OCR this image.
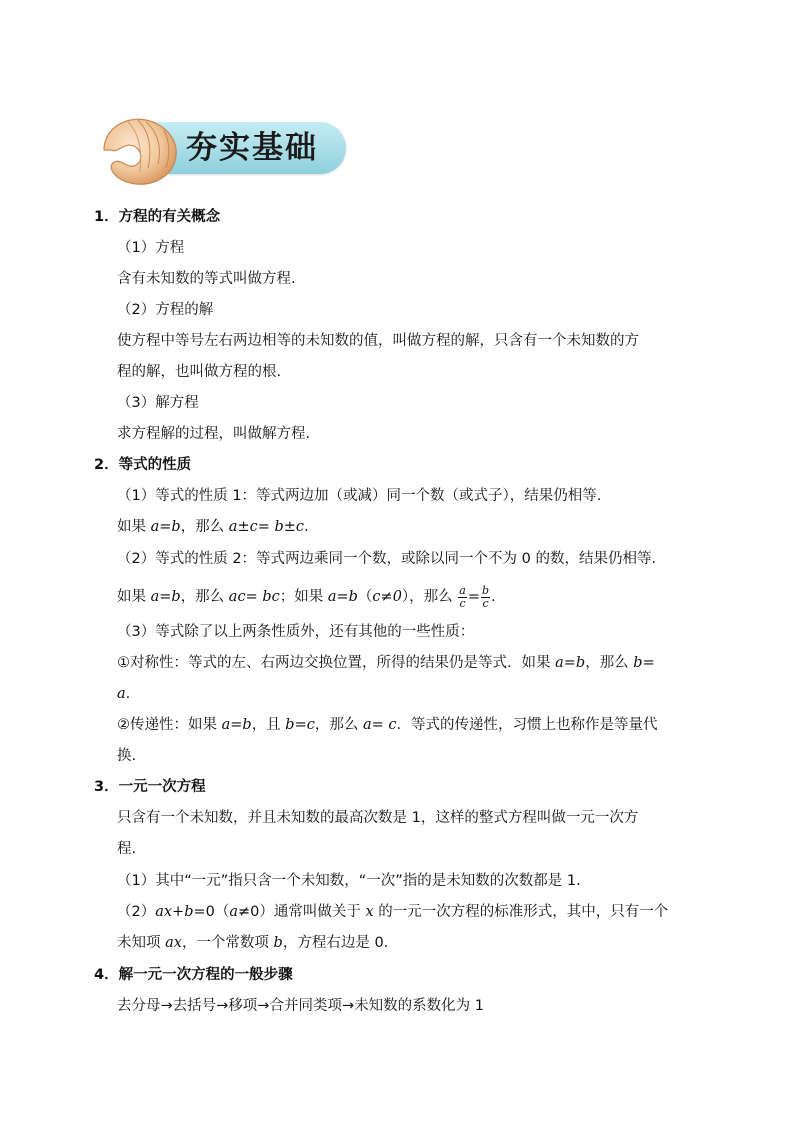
夯实基础
1．方程的有关概念
（1）方程
含有未知数的等式叫做方程.
（2）方程的解
使方程中等号左右两边相等的未知数的值，叫做方程的解，只含有一个未知数的方
程的解，也叫做方程的根.
（3）解方程
求方程解的过程，叫做解方程.
2．等式的性质
（1）等式的性质 1：等式两边加（或减）同一个数（或式子），结果仍相等.
如果 a=b，那么 a±c= b±c.
（2）等式的性质 2：等式两边乘同一个数，或除以同一个不为 0 的数，结果仍相等.
如果 a=b，那么 ac= bc；如果 a=b（c≠0），那么 $\frac{a}{c} = \frac{b}{c}$ .
（3）等式除了以上两条性质外，还有其他的一些性质：
①对称性：等式的左、右两边交换位置，所得的结果仍是等式．如果 a=b，那么 b=
a.
②传递性：如果 a=b，且 b=c，那么 a= c．等式的传递性，习惯上也称作是等量代
换.
3．一元一次方程
只含有一个未知数，并且未知数的最高次数是 1，这样的整式方程叫做一元一次方
程.
（1）其中“一元”指只含一个未知数，“一次”指的是未知数的次数都是 1.
（2）ax+b=0（a≠0）通常叫做关于 x 的一元一次方程的标准形式，其中，只有一个
未知项 ax，一个常数项 b，方程右边是 0.
4．解一元一次方程的一般步骤
去分母→去括号→移项→合并同类项→未知数的系数化为 1
